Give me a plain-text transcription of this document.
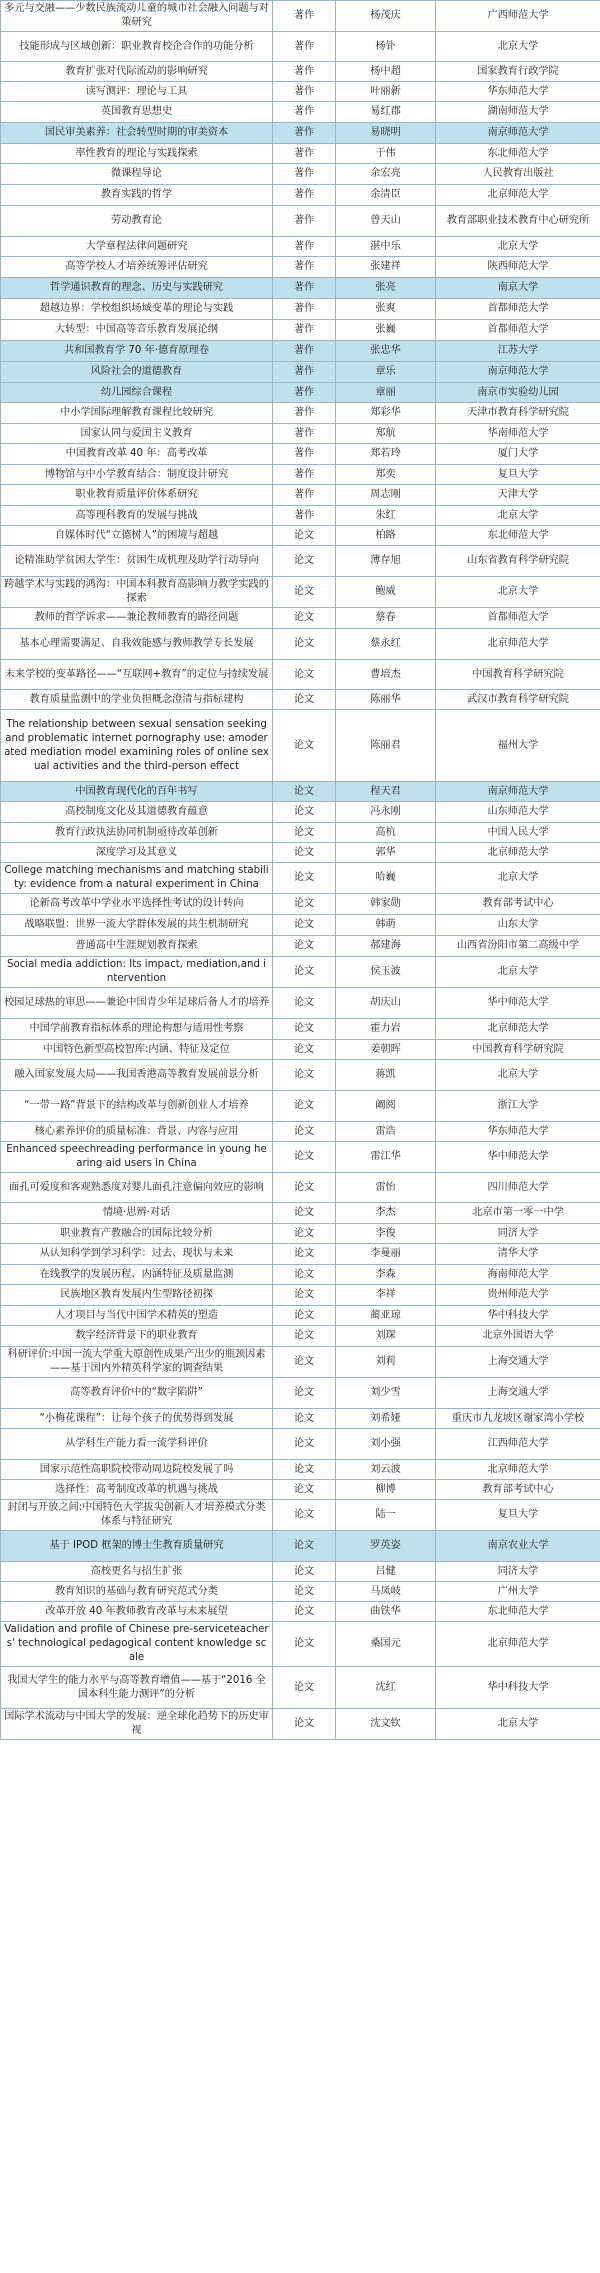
多元与交融——少数民族流动儿童的城市社会融入问题与对策研究	著作	杨茂庆	广西师范大学
技能形成与区域创新：职业教育校企合作的功能分析	著作	杨钋	北京大学
教育扩张对代际流动的影响研究	著作	杨中超	国家教育行政学院
读写测评：理论与工具	著作	叶丽新	华东师范大学
英国教育思想史	著作	易红郡	湖南师范大学
国民审美素养：社会转型时期的审美资本	著作	易晓明	南京师范大学
率性教育的理论与实践探索	著作	于伟	东北师范大学
微课程导论	著作	余宏亮	人民教育出版社
教育实践的哲学	著作	余清臣	北京师范大学
劳动教育论	著作	曾天山	教育部职业技术教育中心研究所
大学章程法律问题研究	著作	湛中乐	北京大学
高等学校人才培养统筹评估研究	著作	张建祥	陕西师范大学
哲学通识教育的理念、历史与实践研究	著作	张亮	南京大学
超越边界：学校组织场域变革的理论与实践	著作	张爽	首都师范大学
大转型：中国高等音乐教育发展论纲	著作	张巍	首都师范大学
共和国教育学 70 年·德育原理卷	著作	张忠华	江苏大学
风险社会的道德教育	著作	章乐	南京师范大学
幼儿园综合课程	著作	章丽	南京市实验幼儿园
中小学国际理解教育课程比较研究	著作	郑彩华	天津市教育科学研究院
国家认同与爱国主义教育	著作	郑航	华南师范大学
中国教育改革 40 年：高考改革	著作	郑若玲	厦门大学
博物馆与中小学教育结合：制度设计研究	著作	郑奕	复旦大学
职业教育质量评价体系研究	著作	周志刚	天津大学
高等理科教育的发展与挑战	著作	朱红	北京大学
自媒体时代“立德树人”的困境与超越	论文	柏路	东北师范大学
论精准助学贫困大学生：贫困生成机理及助学行动导向	论文	薄存旭	山东省教育科学研究院
跨越学术与实践的鸿沟：中国本科教育高影响力教学实践的探索	论文	鲍威	北京大学
教师的哲学诉求——兼论教师教育的路径问题	论文	蔡春	首都师范大学
基本心理需要满足、自我效能感与教师教学专长发展	论文	蔡永红	北京师范大学
未来学校的变革路径——“互联网+教育”的定位与持续发展	论文	曹培杰	中国教育科学研究院
教育质量监测中的学业负担概念澄清与指标建构	论文	陈丽华	武汉市教育科学研究院
The relationship between sexual sensation seeking and problematic internet pornography use: amoderated mediation model examining roles of online sexual activities and the third-person effect	论文	陈丽君	福州大学
中国教育现代化的百年书写	论文	程天君	南京师范大学
高校制度文化及其道德教育蕴意	论文	冯永刚	山东师范大学
教育行政执法协同机制亟待改革创新	论文	高杭	中国人民大学
深度学习及其意义	论文	郭华	北京师范大学
College matching mechanisms and matching stability: evidence from a natural experiment in China	论文	哈巍	北京大学
论新高考改革中学业水平选择性考试的设计转向	论文	韩家勋	教育部考试中心
战略联盟：世界一流大学群体发展的共生机制研究	论文	韩萌	山东大学
普通高中生涯规划教育探索	论文	郝建海	山西省汾阳市第二高级中学
Social media addiction: Its impact, mediation,and intervention	论文	侯玉波	北京大学
校园足球热的审思——兼论中国青少年足球后备人才的培养	论文	胡庆山	华中师范大学
中国学前教育指标体系的理论构想与适用性考察	论文	霍力岩	北京师范大学
中国特色新型高校智库:内涵、特征及定位	论文	姜朝晖	中国教育科学研究院
融入国家发展大局——我国香港高等教育发展前景分析	论文	蒋凯	北京大学
“一带一路”背景下的结构改革与创新创业人才培养	论文	阚阅	浙江大学
核心素养评价的质量标准：背景、内容与应用	论文	雷浩	华东师范大学
Enhanced speechreading performance in young hearing aid users in China	论文	雷江华	华中师范大学
面孔可爱度和客观熟悉度对婴儿面孔注意偏向效应的影响	论文	雷怡	四川师范大学
情境·思辨·对话	论文	李杰	北京市第一零一中学
职业教育产教融合的国际比较分析	论文	李俊	同济大学
从认知科学到学习科学：过去、现状与未来	论文	李曼丽	清华大学
在线教学的发展历程、内涵特征及质量监测	论文	李森	海南师范大学
民族地区教育发展内生型路径初探	论文	李祥	贵州师范大学
人才项目与当代中国学术精英的塑造	论文	蔺亚琼	华中科技大学
数字经济背景下的职业教育	论文	刘琛	北京外国语大学
科研评价:中国一流大学重大原创性成果产出少的瓶颈因素——基于国内外精英科学家的调查结果	论文	刘莉	上海交通大学
高等教育评价中的“数字陷阱”	论文	刘少雪	上海交通大学
“小梅花课程”：让每个孩子的优势得到发展	论文	刘希娅	重庆市九龙坡区谢家湾小学校
从学科生产能力看一流学科评价	论文	刘小强	江西师范大学
国家示范性高职院校带动周边院校发展了吗	论文	刘云波	北京师范大学
选择性：高考制度改革的机遇与挑战	论文	柳博	教育部考试中心
封闭与开放之间:中国特色大学拔尖创新人才培养模式分类体系与特征研究	论文	陆一	复旦大学
基于 IPOD 框架的博士生教育质量研究	论文	罗英姿	南京农业大学
高校更名与招生扩张	论文	吕健	同济大学
教育知识的基础与教育研究范式分类	论文	马凤岐	广州大学
改革开放 40 年教师教育改革与未来展望	论文	曲铁华	东北师范大学
Validation and profile of Chinese pre-serviceteachers' technological pedagogical content knowledge scale	论文	桑国元	北京师范大学
我国大学生的能力水平与高等教育增值——基于“2016 全国本科生能力测评”的分析	论文	沈红	华中科技大学
国际学术流动与中国大学的发展：逆全球化趋势下的历史审视	论文	沈文钦	北京大学
